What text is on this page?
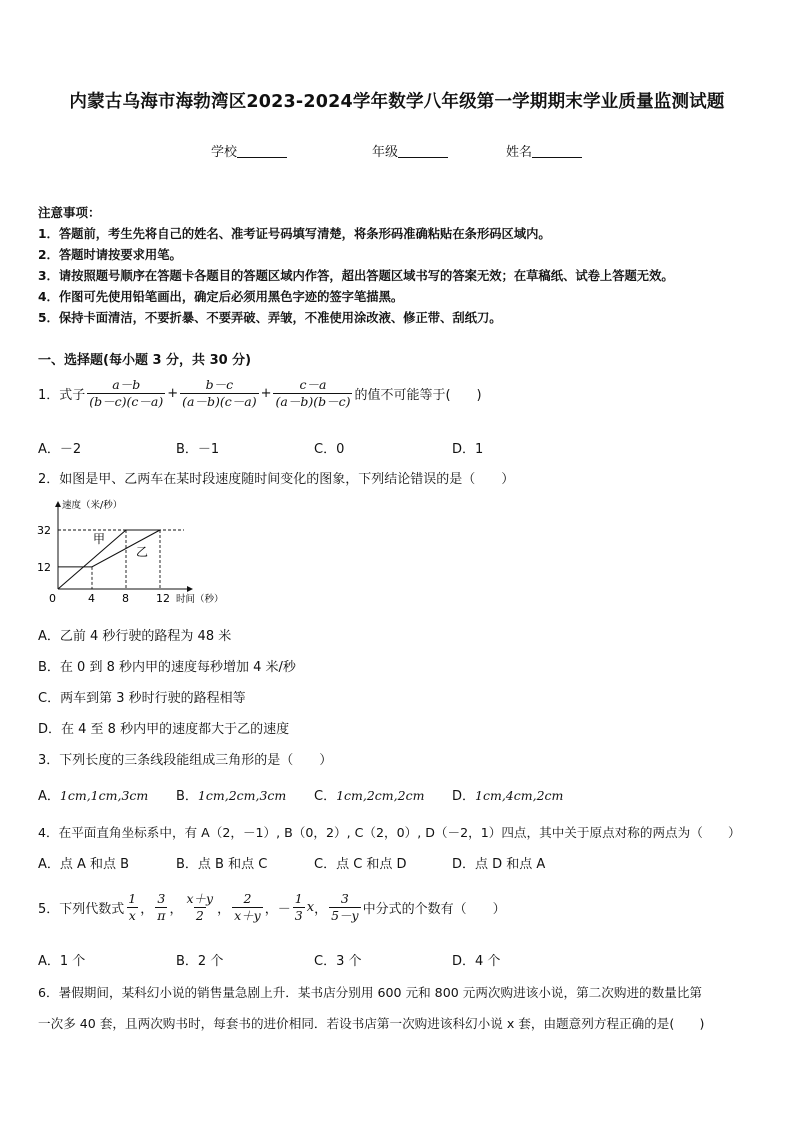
内蒙古乌海市海勃湾区2023-2024学年数学八年级第一学期期末学业质量监测试题
学校	年级	姓名
注意事项：
1．答题前，考生先将自己的姓名、准考证号码填写清楚，将条形码准确粘贴在条形码区域内。
2．答题时请按要求用笔。
3．请按照题号顺序在答题卡各题目的答题区域内作答，超出答题区域书写的答案无效；在草稿纸、试卷上答题无效。
4．作图可先使用铅笔画出，确定后必须用黑色字迹的签字笔描黑。
5．保持卡面清洁，不要折暴、不要弄破、弄皱，不准使用涂改液、修正带、刮纸刀。
一、选择题(每小题 3 分，共 30 分)
1．式子 $\frac{a-b}{(b-c)(c-a)} + \frac{b-c}{(a-b)(c-a)} + \frac{c-a}{(a-b)(b-c)}$ 的值不可能等于(　　)
A．－2	B．－1	C．0	D．1
2．如图是甲、乙两车在某时段速度随时间变化的图象，下列结论错误的是（　　）
0	4 8 12
12
32
速度（米/秒）
时间（秒）
甲
乙
A．乙前 4 秒行驶的路程为 48 米
B．在 0 到 8 秒内甲的速度每秒增加 4 米/秒
C．两车到第 3 秒时行驶的路程相等
D．在 4 至 8 秒内甲的速度都大于乙的速度
3．下列长度的三条线段能组成三角形的是（　　）
A．1cm,1cm,3cm B．1cm,2cm,3cm C．1cm,2cm,2cm D．1cm,4cm,2cm
4．在平面直角坐标系中，有 A（2，－1）, B（0，2）, C（2，0）, D（－2，1）四点，其中关于原点对称的两点为（　　）
A．点 A 和点 B	B．点 B 和点 C	C．点 C 和点 D	D．点 D 和点 A
5．下列代数式 $\frac{1}{x}$ ， $\frac{3}{\pi}$ ， $\frac{x+y}{2}$ ， $\frac{2}{x+y}$ ， － $\frac{1}{3}$ x ， $\frac{3}{5-y}$ 中分式的个数有（　　）
A．1 个	B．2 个	C．3 个	D．4 个
6．暑假期间，某科幻小说的销售量急剧上升．某书店分别用 600 元和 800 元两次购进该小说，第二次购进的数量比第
一次多 40 套，且两次购书时，每套书的进价相同．若设书店第一次购进该科幻小说 x 套，由题意列方程正确的是(　　)
